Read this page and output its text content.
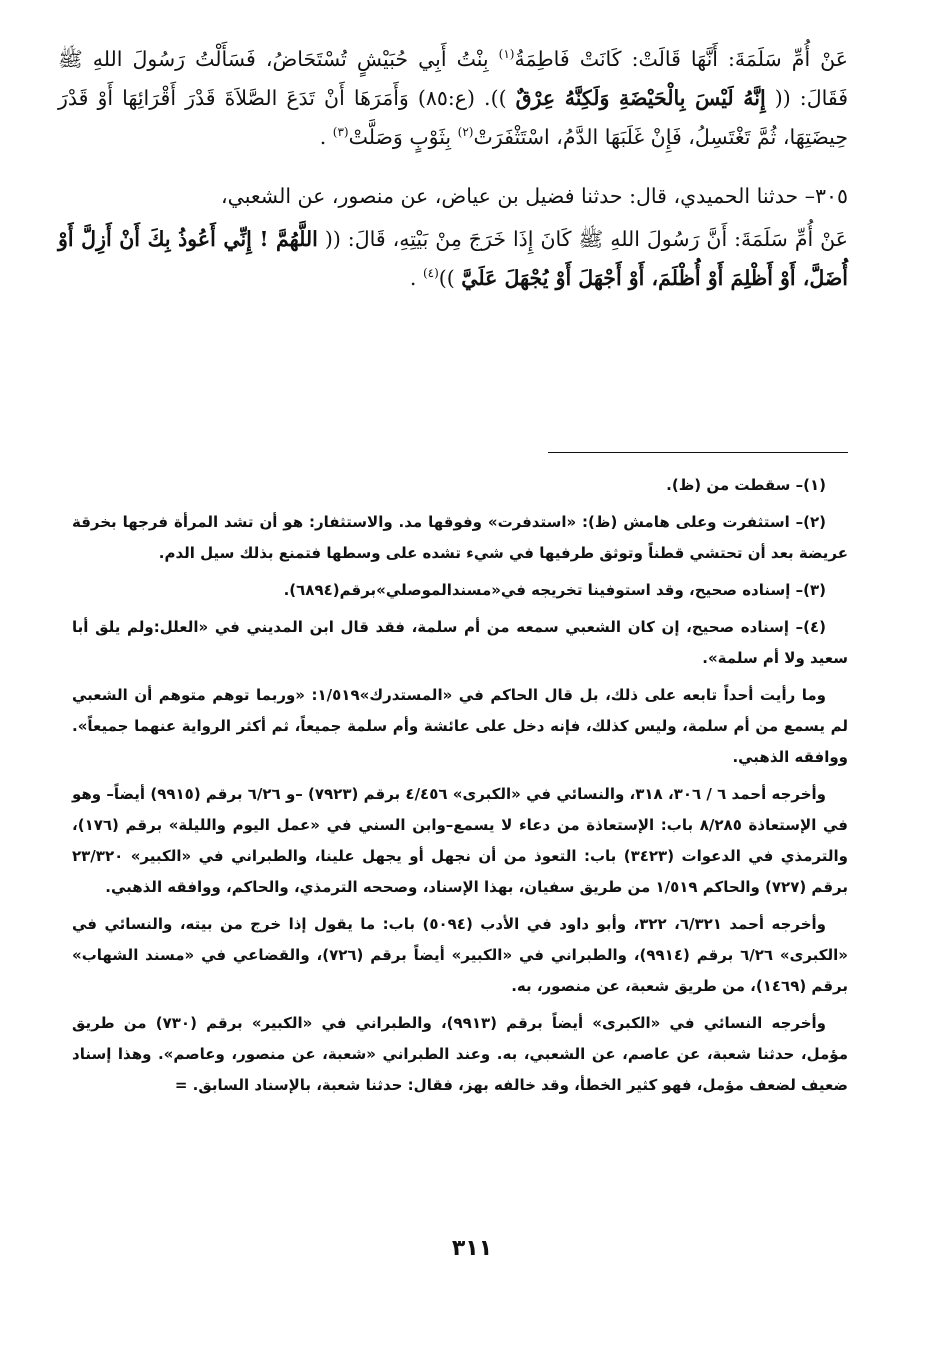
عَنْ أُمِّ سَلَمَةَ: أَنَّهَا قَالَتْ: كَانَتْ فَاطِمَةُ$^{(١)}$ بِنْتُ أَبِي حُبَيْشٍ تُسْتَحَاضُ، فَسَأَلْتُ رَسُولَ اللهِ ﷺ فَقَالَ: (( إِنَّهُ لَيْسَ بِالْحَيْضَةِ وَلَكِنَّهُ عِرْقٌ )). (ع:٨٥) وَأَمَرَهَا أَنْ تَدَعَ الصَّلاَةَ قَدْرَ أَقْرَائِهَا أَوْ قَدْرَ حِيضَتِهَا، ثُمَّ تَغْتَسِلُ، فَإِنْ غَلَبَهَا الدَّمُ، اسْتَثْفَرَتْ$^{(٢)}$ بِثَوْبٍ وَصَلَّتْ$^{(٣)}$ .

٣٠٥– حدثنا الحميدي، قال: حدثنا فضيل بن عياض، عن منصور، عن الشعبي،

عَنْ أُمِّ سَلَمَةَ: أَنَّ رَسُولَ اللهِ ﷺ كَانَ إِذَا خَرَجَ مِنْ بَيْتِهِ، قَالَ: (( اللَّهُمَّ ! إِنِّي أَعُوذُ بِكَ أَنْ أَزِلَّ أَوْ أُضَلَّ، أَوْ أَظْلِمَ أَوْ أُظْلَمَ، أَوْ أَجْهَلَ أَوْ يُجْهَلَ عَلَيَّ ))$^{(٤)}$ .

(١)– سقطت من (ظ).

(٢)– استثفرت وعلى هامش (ظ): «استدفرت» وفوقها مد. والاستثفار: هو أن تشد المرأة فرجها بخرقة عريضة بعد أن تحتشي قطناً وتوثق طرفيها في شيء تشده على وسطها فتمنع بذلك سيل الدم.

(٣)– إسناده صحيح، وقد استوفينا تخريجه في«مسندالموصلي»برقم(٦٨٩٤).

(٤)– إسناده صحيح، إن كان الشعبي سمعه من أم سلمة، فقد قال ابن المديني في «العلل:ولم يلق أبا سعيد ولا أم سلمة».

وما رأيت أحداً تابعه على ذلك، بل قال الحاكم في «المستدرك»١/٥١٩: «وربما توهم متوهم أن الشعبي لم يسمع من أم سلمة، وليس كذلك، فإنه دخل على عائشة وأم سلمة جميعاً، ثم أكثر الرواية عنهما جميعاً». ووافقه الذهبي.

وأخرجه أحمد ٦ / ٣٠٦، ٣١٨، والنسائي في «الكبرى» ٤/٤٥٦ برقم (٧٩٢٣) –و ٦/٢٦ برقم (٩٩١٥) أيضاً– وهو في الإستعاذة ٨/٢٨٥ باب: الإستعاذة من دعاء لا يسمع–وابن السني في «عمل اليوم والليلة» برقم (١٧٦)، والترمذي في الدعوات (٣٤٢٣) باب: التعوذ من أن نجهل أو يجهل علينا، والطبراني في «الكبير» ٢٣/٣٢٠ برقم (٧٢٧) والحاكم ١/٥١٩ من طريق سفيان، بهذا الإسناد، وصححه الترمذي، والحاكم، ووافقه الذهبي.

وأخرجه أحمد ٦/٣٢١، ٣٢٢، وأبو داود في الأدب (٥٠٩٤) باب: ما يقول إذا خرج من بيته، والنسائي في «الكبرى» ٦/٢٦ برقم (٩٩١٤)، والطبراني في «الكبير» أيضاً برقم (٧٢٦)، والقضاعي في «مسند الشهاب» برقم (١٤٦٩)، من طريق شعبة، عن منصور، به.

وأخرجه النسائي في «الكبرى» أيضاً برقم (٩٩١٣)، والطبراني في «الكبير» برقم (٧٣٠) من طريق مؤمل، حدثنا شعبة، عن عاصم، عن الشعبي، به. وعند الطبراني «شعبة، عن منصور، وعاصم». وهذا إسناد ضعيف لضعف مؤمل، فهو كثير الخطأ، وقد خالفه بهز، فقال: حدثنا شعبة، بالإسناد السابق. =

٣١١
